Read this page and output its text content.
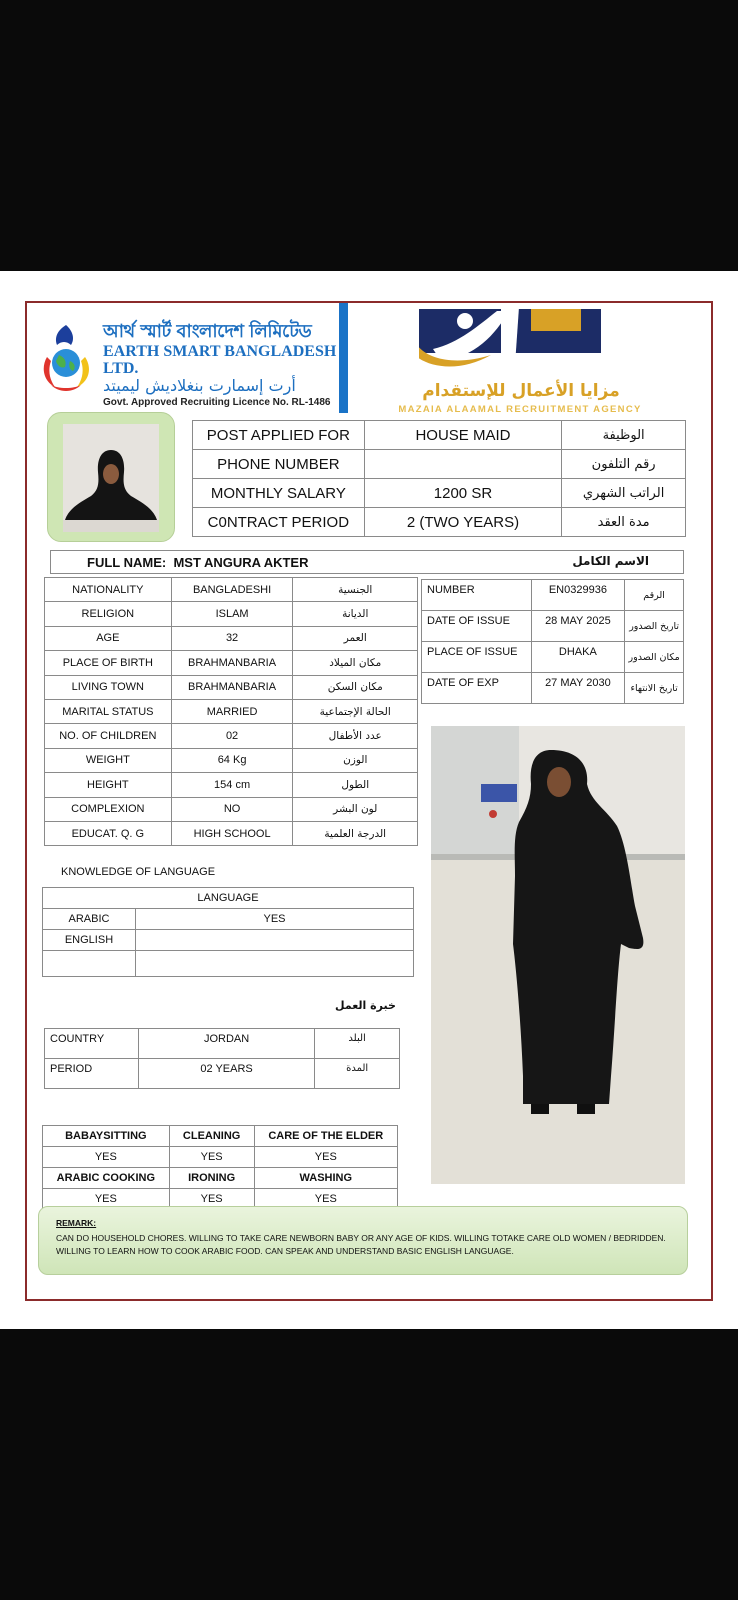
আর্থ স্মার্ট বাংলাদেশ লিমিটেড
EARTH SMART BANGLADESH LTD.
أرت إسمارت بنغلاديش ليميتد
Govt. Approved Recruiting Licence No. RL-1486
مزايا الأعمال للإستقدام
MAZAIA ALAAMAL RECRUITMENT AGENCY
POST APPLIED FOR	HOUSE MAID	الوظيفة
PHONE NUMBER		رقم التلفون
MONTHLY SALARY	1200 SR	الراتب الشهري
C0NTRACT PERIOD	2 (TWO YEARS)	مدة العقد
FULL NAME: MST ANGURA AKTER	الاسم الكامل
NATIONALITY	BANGLADESHI	الجنسية
RELIGION	ISLAM	الديانة
AGE	32	العمر
PLACE OF BIRTH	BRAHMANBARIA	مكان الميلاد
LIVING TOWN	BRAHMANBARIA	مكان السكن
MARITAL STATUS	MARRIED	الحالة الإجتماعية
NO. OF CHILDREN	02	عدد الأطفال
WEIGHT	64 Kg	الوزن
HEIGHT	154 cm	الطول
COMPLEXION	NO	لون البشر
EDUCAT. Q. G	HIGH SCHOOL	الدرجة العلمية
NUMBER	EN0329936	الرقم
DATE OF ISSUE	28 MAY 2025	تاريخ الصدور
PLACE OF ISSUE	DHAKA	مكان الصدور
DATE OF EXP	27 MAY 2030	تاريخ الانتهاء
KNOWLEDGE OF LANGUAGE
LANGUAGE	
ARABIC	YES
ENGLISH	

خبرة العمل
COUNTRY	JORDAN	البلد
PERIOD	02 YEARS	المدة
BABAYSITTING	CLEANING	CARE OF THE ELDER
YES	YES	YES
ARABIC COOKING	IRONING	WASHING
YES	YES	YES
REMARK:
CAN DO HOUSEHOLD CHORES. WILLING TO TAKE CARE NEWBORN BABY OR ANY AGE OF KIDS. WILLING TOTAKE CARE OLD WOMEN / BEDRIDDEN. WILLING TO LEARN HOW TO COOK ARABIC FOOD. CAN SPEAK AND UNDERSTAND BASIC ENGLISH LANGUAGE.
